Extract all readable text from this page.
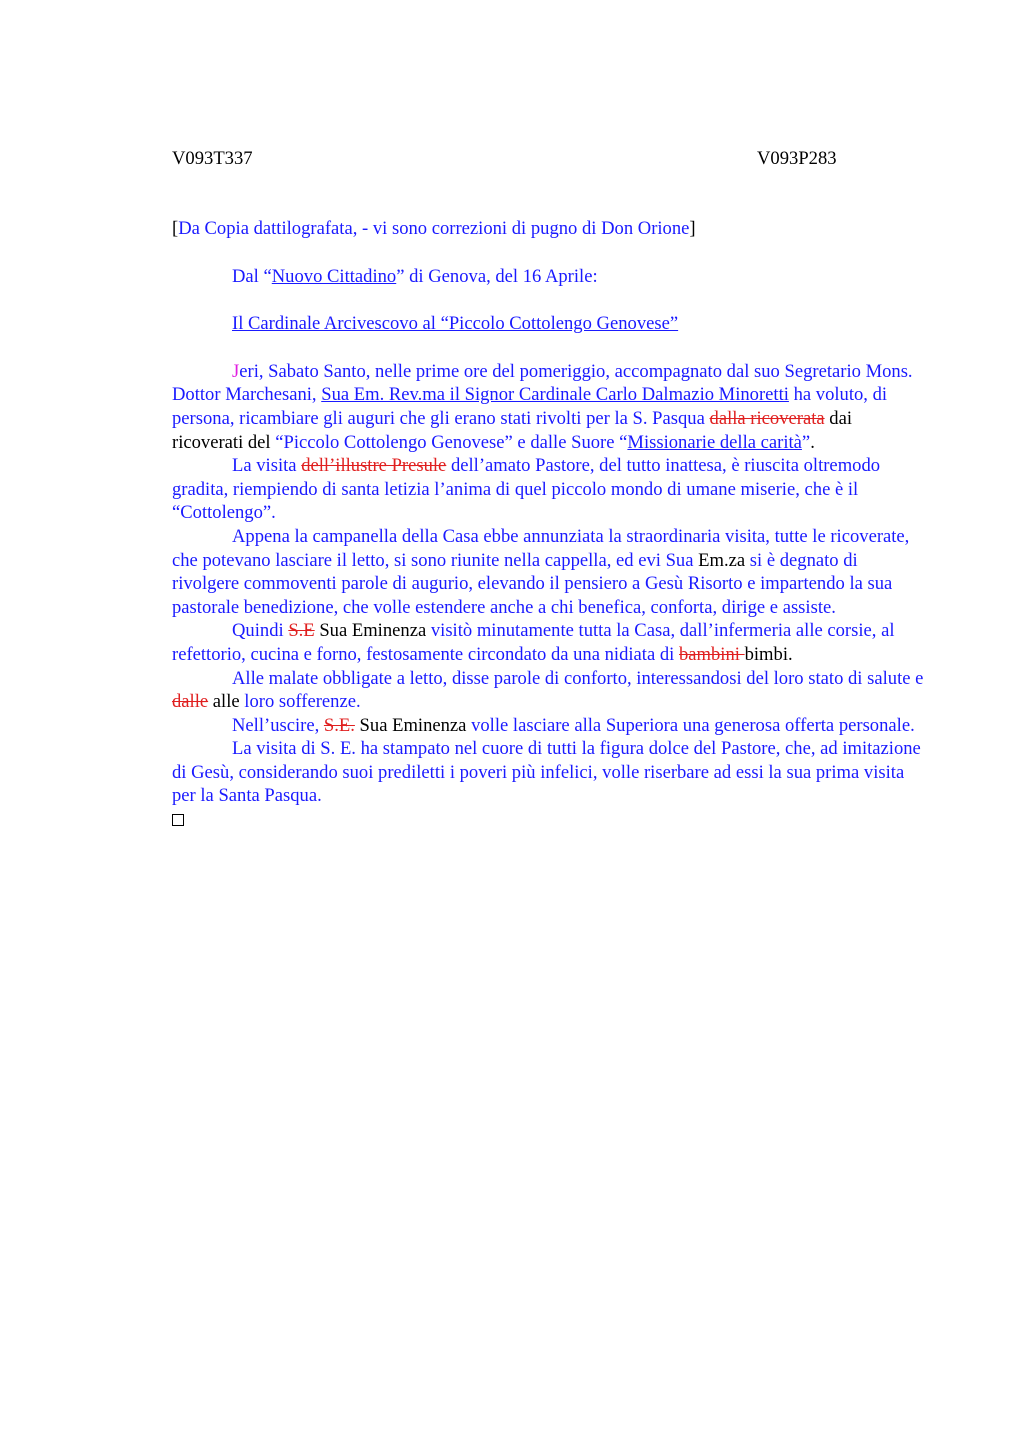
V093T337	V093P283

[Da Copia dattilografata, - vi sono correzioni di pugno di Don Orione]

Dal “Nuovo Cittadino” di Genova, del 16 Aprile:

Il Cardinale Arcivescovo al “Piccolo Cottolengo Genovese”

Jeri, Sabato Santo, nelle prime ore del pomeriggio, accompagnato dal suo Segretario Mons. Dottor Marchesani, Sua Em. Rev.ma il Signor Cardinale Carlo Dalmazio Minoretti ha voluto, di persona, ricambiare gli auguri che gli erano stati rivolti per la S. Pasqua dalla ricoverata dai ricoverati del “Piccolo Cottolengo Genovese” e dalle Suore “Missionarie della carità”.

La visita dell’illustre Presule dell’amato Pastore, del tutto inattesa, è riuscita oltremodo gradita, riempiendo di santa letizia l’anima di quel piccolo mondo di umane miserie, che è il “Cottolengo”.

Appena la campanella della Casa ebbe annunziata la straordinaria visita, tutte le ricoverate, che potevano lasciare il letto, si sono riunite nella cappella, ed evi Sua Em.za si è degnato di rivolgere commoventi parole di augurio, elevando il pensiero a Gesù Risorto e impartendo la sua pastorale benedizione, che volle estendere anche a chi benefica, conforta, dirige e assiste.

Quindi S.E Sua Eminenza visitò minutamente tutta la Casa, dall’infermeria alle corsie, al refettorio, cucina e forno, festosamente circondato da una nidiata di bambini bimbi.

Alle malate obbligate a letto, disse parole di conforto, interessandosi del loro stato di salute e dalle alle loro sofferenze.

Nell’uscire, S.E. Sua Eminenza volle lasciare alla Superiora una generosa offerta personale.

La visita di S. E. ha stampato nel cuore di tutti la figura dolce del Pastore, che, ad imitazione di Gesù, considerando suoi prediletti i poveri più infelici, volle riserbare ad essi la sua prima visita per la Santa Pasqua.
